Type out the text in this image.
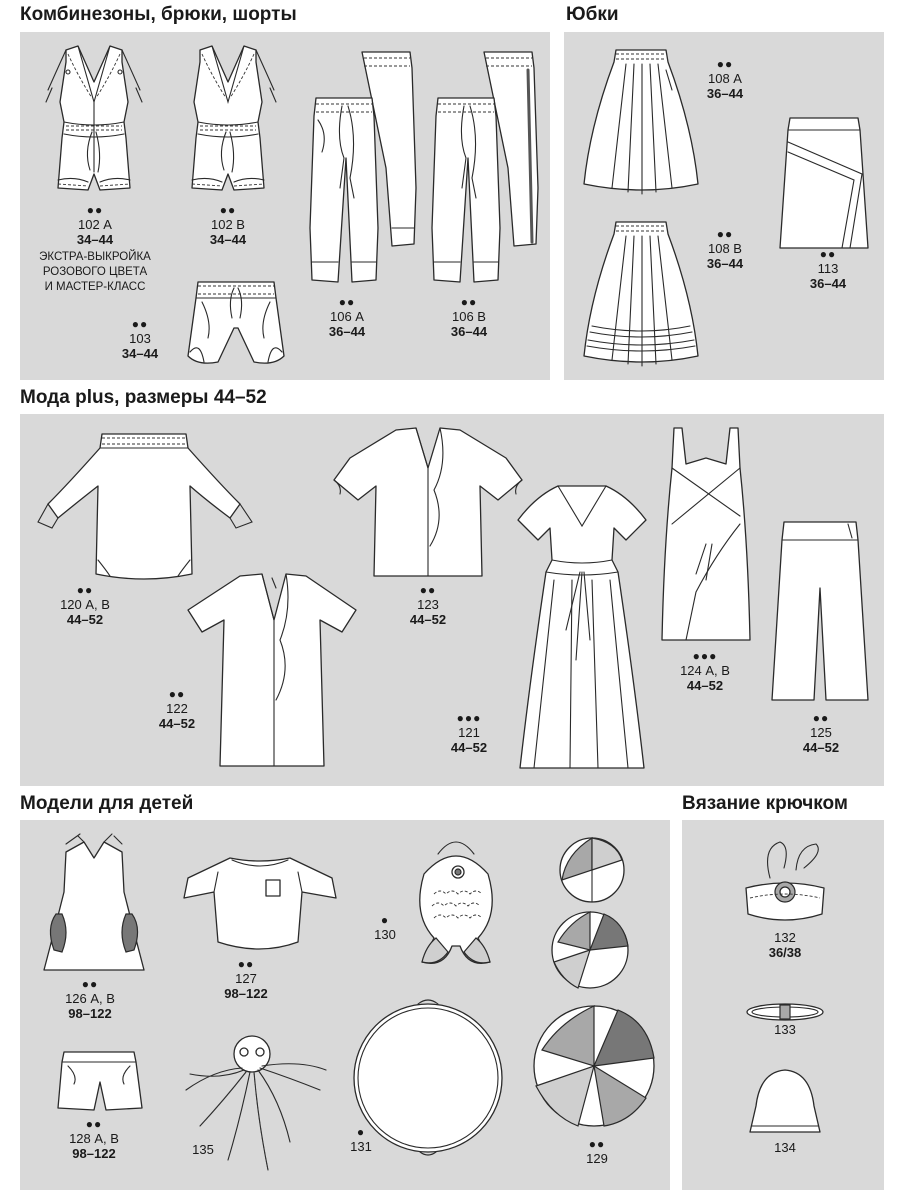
Комбинезоны, брюки, шорты	Юбки
Мода plus, размеры 44–52
Модели для детей	Вязание крючком
●●
102 А
34–44
ЭКСТРА-ВЫКРОЙКА
РОЗОВОГО ЦВЕТА
И МАСТЕР-КЛАСС
●●
102 В
34–44
●●
103
34–44
●●
106 А
36–44
●●
106 В
36–44
●●
108 А
36–44
●●
108 В
36–44
●●
113
36–44
●●
120 А, В
44–52
●●
122
44–52
●●
123
44–52
●●●
121
44–52
●●●
124 А, В
44–52
●●
125
44–52
●●
126 А, В
98–122
●●
127
98–122
●●
128 А, В
98–122	135
●
130
●
131	●●
129
132
36/38
133
134
